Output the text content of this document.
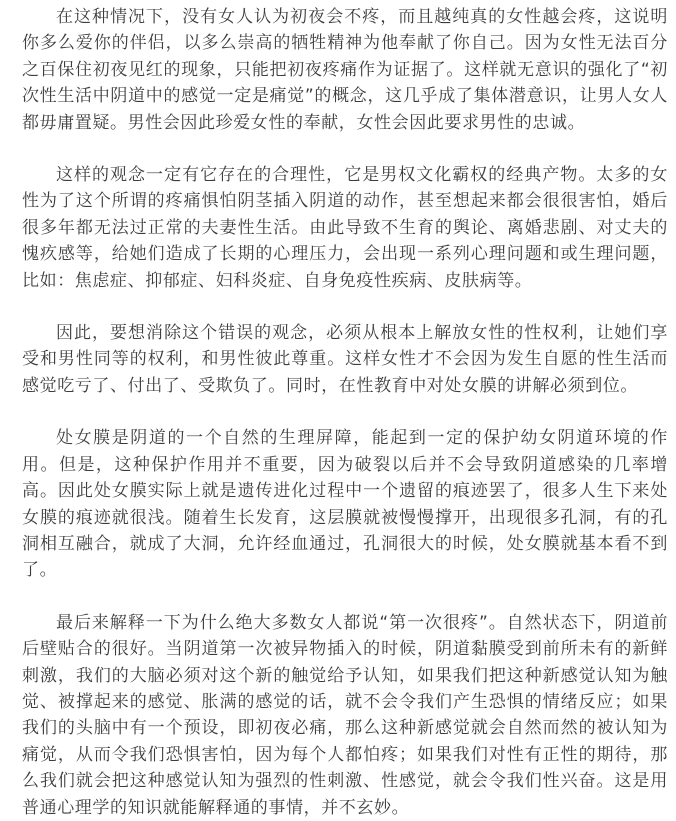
在这种情况下，没有女人认为初夜会不疼，而且越纯真的女性越会疼，这说明你多么爱你的伴侣，以多么崇高的牺牲精神为他奉献了你自己。因为女性无法百分之百保住初夜见红的现象，只能把初夜疼痛作为证据了。这样就无意识的强化了“初次性生活中阴道中的感觉一定是痛觉”的概念，这几乎成了集体潜意识，让男人女人都毋庸置疑。男性会因此珍爱女性的奉献，女性会因此要求男性的忠诚。

这样的观念一定有它存在的合理性，它是男权文化霸权的经典产物。太多的女性为了这个所谓的疼痛惧怕阴茎插入阴道的动作，甚至想起来都会很很害怕，婚后很多年都无法过正常的夫妻性生活。由此导致不生育的舆论、离婚悲剧、对丈夫的愧疚感等，给她们造成了长期的心理压力，会出现一系列心理问题和或生理问题，比如：焦虑症、抑郁症、妇科炎症、自身免疫性疾病、皮肤病等。

因此，要想消除这个错误的观念，必须从根本上解放女性的性权利，让她们享受和男性同等的权利，和男性彼此尊重。这样女性才不会因为发生自愿的性生活而感觉吃亏了、付出了、受欺负了。同时，在性教育中对处女膜的讲解必须到位。

处女膜是阴道的一个自然的生理屏障，能起到一定的保护幼女阴道环境的作用。但是，这种保护作用并不重要，因为破裂以后并不会导致阴道感染的几率增高。因此处女膜实际上就是遗传进化过程中一个遗留的痕迹罢了，很多人生下来处女膜的痕迹就很浅。随着生长发育，这层膜就被慢慢撑开，出现很多孔洞，有的孔洞相互融合，就成了大洞，允许经血通过，孔洞很大的时候，处女膜就基本看不到了。

最后来解释一下为什么绝大多数女人都说“第一次很疼”。自然状态下，阴道前后壁贴合的很好。当阴道第一次被异物插入的时候，阴道黏膜受到前所未有的新鲜刺激，我们的大脑必须对这个新的触觉给予认知，如果我们把这种新感觉认知为触觉、被撑起来的感觉、胀满的感觉的话，就不会令我们产生恐惧的情绪反应；如果我们的头脑中有一个预设，即初夜必痛，那么这种新感觉就会自然而然的被认知为痛觉，从而令我们恐惧害怕，因为每个人都怕疼；如果我们对性有正性的期待，那么我们就会把这种感觉认知为强烈的性刺激、性感觉，就会令我们性兴奋。这是用普通心理学的知识就能解释通的事情，并不玄妙。
